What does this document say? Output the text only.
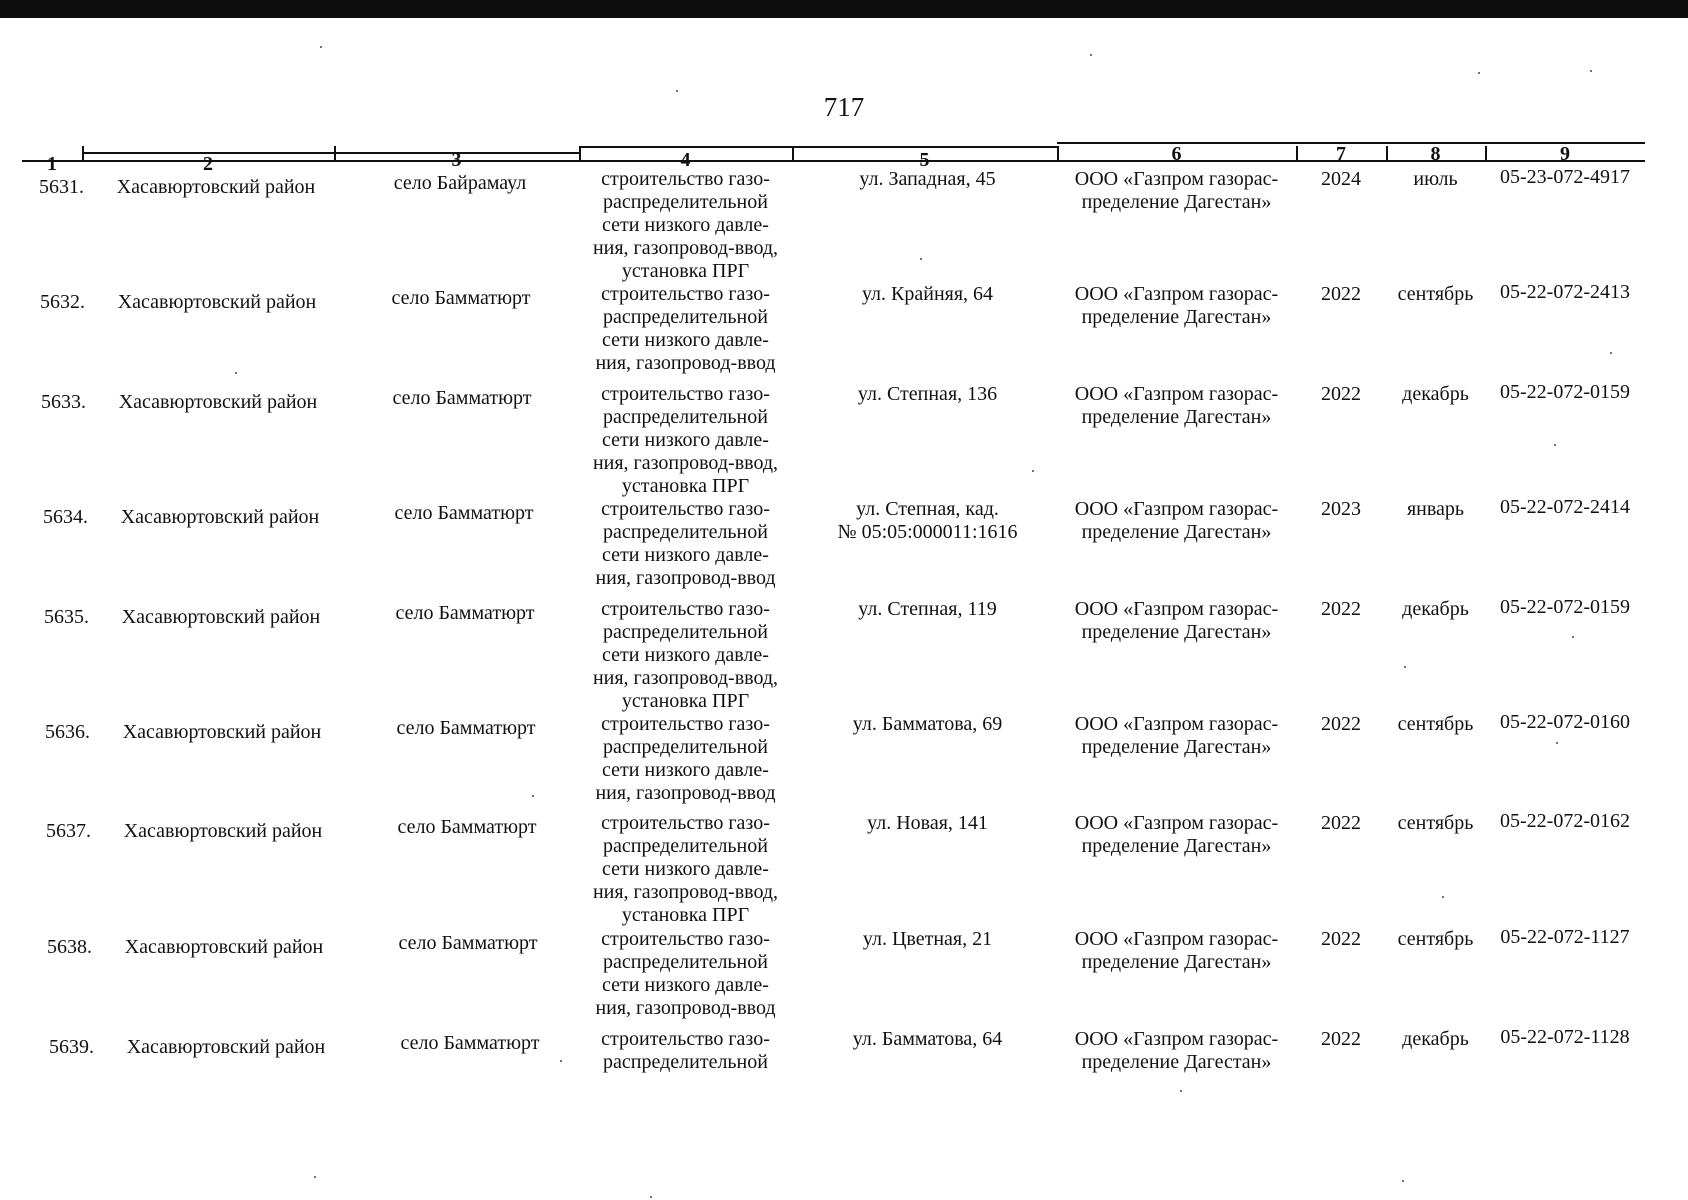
717
1	2	3	4	5	6	7	8	9
5631.	Хасавюртовский район	село Байрамаул	строительство газо-
распределительной
сети низкого давле-
ния, газопровод-ввод,
установка ПРГ
ул. Западная, 45	ООО «Газпром газорас-
пределение Дагестан»
2024	июль	05-23-072-4917
5632.	Хасавюртовский район	село Бамматюрт	строительство газо-
распределительной
сети низкого давле-
ния, газопровод-ввод
ул. Крайняя, 64	ООО «Газпром газорас-
пределение Дагестан»
2022	сентябрь	05-22-072-2413
5633.	Хасавюртовский район	село Бамматюрт	строительство газо-
распределительной
сети низкого давле-
ния, газопровод-ввод,
установка ПРГ
ул. Степная, 136	ООО «Газпром газорас-
пределение Дагестан»
2022	декабрь	05-22-072-0159
5634.	Хасавюртовский район	село Бамматюрт	строительство газо-
распределительной
сети низкого давле-
ния, газопровод-ввод
ул. Степная, кад.
№ 05:05:000011:1616
ООО «Газпром газорас-
пределение Дагестан»
2023	январь	05-22-072-2414
5635.	Хасавюртовский район	село Бамматюрт	строительство газо-
распределительной
сети низкого давле-
ния, газопровод-ввод,
установка ПРГ
ул. Степная, 119	ООО «Газпром газорас-
пределение Дагестан»
2022	декабрь	05-22-072-0159
5636.	Хасавюртовский район	село Бамматюрт	строительство газо-
распределительной
сети низкого давле-
ния, газопровод-ввод
ул. Бамматова, 69	ООО «Газпром газорас-
пределение Дагестан»
2022	сентябрь	05-22-072-0160
5637.	Хасавюртовский район	село Бамматюрт	строительство газо-
распределительной
сети низкого давле-
ния, газопровод-ввод,
установка ПРГ
ул. Новая, 141	ООО «Газпром газорас-
пределение Дагестан»
2022	сентябрь	05-22-072-0162
5638.	Хасавюртовский район	село Бамматюрт	строительство газо-
распределительной
сети низкого давле-
ния, газопровод-ввод
ул. Цветная, 21	ООО «Газпром газорас-
пределение Дагестан»
2022	сентябрь	05-22-072-1127
5639.	Хасавюртовский район	село Бамматюрт	строительство газо-
распределительной
ул. Бамматова, 64	ООО «Газпром газорас-
пределение Дагестан»
2022	декабрь	05-22-072-1128
